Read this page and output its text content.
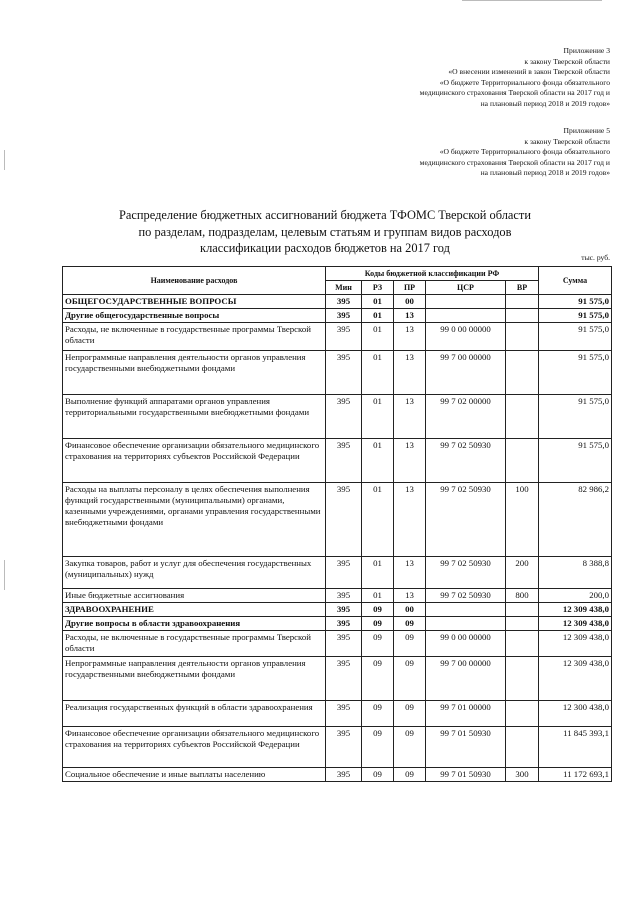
Приложение 3
к закону Тверской области
«О внесении изменений в закон Тверской области
«О бюджете Территориального фонда обязательного
медицинского страхования Тверской области на 2017 год и
на плановый период 2018 и 2019 годов»
Приложение 5
к закону Тверской области
«О бюджете Территориального фонда обязательного
медицинского страхования Тверской области на 2017 год и
на плановый период 2018 и 2019 годов»
Распределение бюджетных ассигнований бюджета ТФОМС Тверской области
по разделам, подразделам, целевым статьям и группам видов расходов
классификации расходов бюджетов на 2017 год
тыс. руб.
Наименование расходов	Коды бюджетной классификации РФ					Сумма
	Мин	РЗ	ПР	ЦСР	ВР	
ОБЩЕГОСУДАРСТВЕННЫЕ ВОПРОСЫ	395	01	00			91 575,0
Другие общегосударственные вопросы	395	01	13			91 575,0
Расходы, не включенные в государственные программы Тверской области	395	01	13	99 0 00 00000		91 575,0
Непрограммные направления деятельности органов управления государственными внебюджетными фондами	395	01	13	99 7 00 00000		91 575,0
Выполнение функций аппаратами органов управления территориальными государственными внебюджетными фондами	395	01	13	99 7 02 00000		91 575,0
Финансовое обеспечение организации обязательного медицинского страхования на территориях субъектов Российской Федерации	395	01	13	99 7 02 50930		91 575,0
Расходы на выплаты персоналу в целях обеспечения выполнения функций государственными (муниципальными) органами, казенными учреждениями, органами управления государственными внебюджетными фондами	395	01	13	99 7 02 50930	100	82 986,2
Закупка товаров, работ и услуг для обеспечения государственных (муниципальных) нужд	395	01	13	99 7 02 50930	200	8 388,8
Иные бюджетные ассигнования	395	01	13	99 7 02 50930	800	200,0
ЗДРАВООХРАНЕНИЕ	395	09	00			12 309 438,0
Другие вопросы в области здравоохранения	395	09	09			12 309 438,0
Расходы, не включенные в государственные программы Тверской области	395	09	09	99 0 00 00000		12 309 438,0
Непрограммные направления деятельности органов управления государственными внебюджетными фондами	395	09	09	99 7 00 00000		12 309 438,0
Реализация государственных функций в области здравоохранения	395	09	09	99 7 01 00000		12 300 438,0
Финансовое обеспечение организации обязательного медицинского страхования на территориях субъектов Российской Федерации	395	09	09	99 7 01 50930		11 845 393,1
Социальное обеспечение и иные выплаты населению	395	09	09	99 7 01 50930	300	11 172 693,1
